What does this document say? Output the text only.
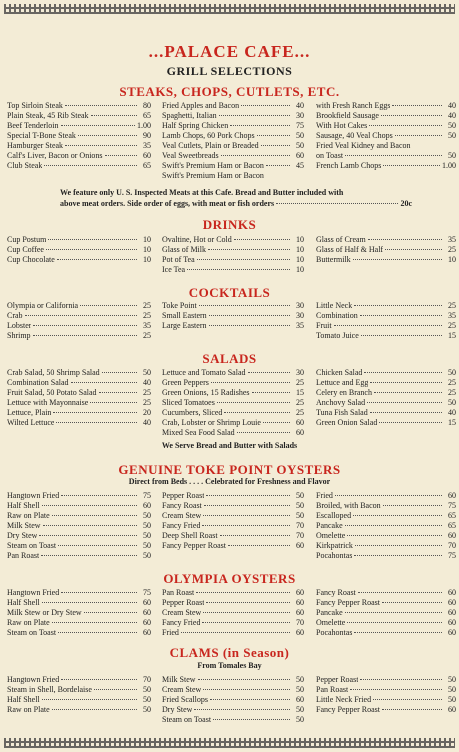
...PALACE CAFE...
GRILL SELECTIONS
STEAKS, CHOPS, CUTLETS, ETC.
Top Sirloin Steak	80
Plain Steak, 45 Rib Steak	65
Beef Tenderloin	1.00
Special T-Bone Steak	90
Hamburger Steak	35
Calf's Liver, Bacon or Onions	60
Club Steak	65
Fried Apples and Bacon	40
Spaghetti, Italian	30
Half Spring Chicken	75
Lamb Chops, 60 Pork Chops	50
Veal Cutlets, Plain or Breaded	50
Veal Sweetbreads	60
Swift's Premium Ham or Bacon	45
Swift's Premium Ham or Bacon
with Fresh Ranch Eggs	40
Brookfield Sausage	40
With Hot Cakes	50
Sausage, 40 Veal Chops	50
Fried Veal Kidney and Bacon
on Toast	50
French Lamb Chops	1.00
We feature only U. S. Inspected Meats at this Cafe. Bread and Butter included with
above meat orders. Side order of eggs, with meat or fish orders	20c
DRINKS
Cup Postum	10
Cup Coffee	10
Cup Chocolate	10
Ovaltine, Hot or Cold	10
Glass of Milk	10
Pot of Tea	10
Ice Tea	10
Glass of Cream	35
Glass of Half & Half	25
Buttermilk	10
COCKTAILS
Olympia or California	25
Crab	25
Lobster	35
Shrimp	25
Toke Point	30
Small Eastern	30
Large Eastern	35
Little Neck	25
Combination	35
Fruit	25
Tomato Juice	15
SALADS
Crab Salad, 50 Shrimp Salad	50
Combination Salad	40
Fruit Salad, 50 Potato Salad	25
Lettuce with Mayonnaise	25
Lettuce, Plain	20
Wilted Lettuce	40
Lettuce and Tomato Salad	30
Green Peppers	25
Green Onions, 15 Radishes	15
Sliced Tomatoes	25
Cucumbers, Sliced	25
Crab, Lobster or Shrimp Louie	60
Mixed Sea Food Salad	60
Chicken Salad	50
Lettuce and Egg	25
Celery en Branch	25
Anchovy Salad	50
Tuna Fish Salad	40
Green Onion Salad	15
We Serve Bread and Butter with Salads
GENUINE TOKE POINT OYSTERS
Direct from Beds . . . . Celebrated for Freshness and Flavor
Hangtown Fried	75
Half Shell	60
Raw on Plate	50
Milk Stew	50
Dry Stew	50
Steam on Toast	50
Pan Roast	50
Pepper Roast	50
Fancy Roast	50
Cream Stew	50
Fancy Fried	70
Deep Shell Roast	70
Fancy Pepper Roast	60
Fried	60
Broiled, with Bacon	75
Escalloped	65
Pancake	65
Omelette	60
Kirkpatrick	70
Pocahontas	75
OLYMPIA OYSTERS
Hangtown Fried	75
Half Shell	60
Milk Stew or Dry Stew	60
Raw on Plate	60
Steam on Toast	60
Pan Roast	60
Pepper Roast	60
Cream Stew	60
Fancy Fried	70
Fried	60
Fancy Roast	60
Fancy Pepper Roast	60
Pancake	60
Omelette	60
Pocahontas	60
CLAMS (in Season)
From Tomales Bay
Hangtown Fried	70
Steam in Shell, Bordelaise	50
Half Shell	50
Raw on Plate	50
Milk Stew	50
Cream Stew	50
Fried Scallops	60
Dry Stew	50
Steam on Toast	50
Pepper Roast	50
Pan Roast	50
Little Neck Fried	50
Fancy Pepper Roast	60
